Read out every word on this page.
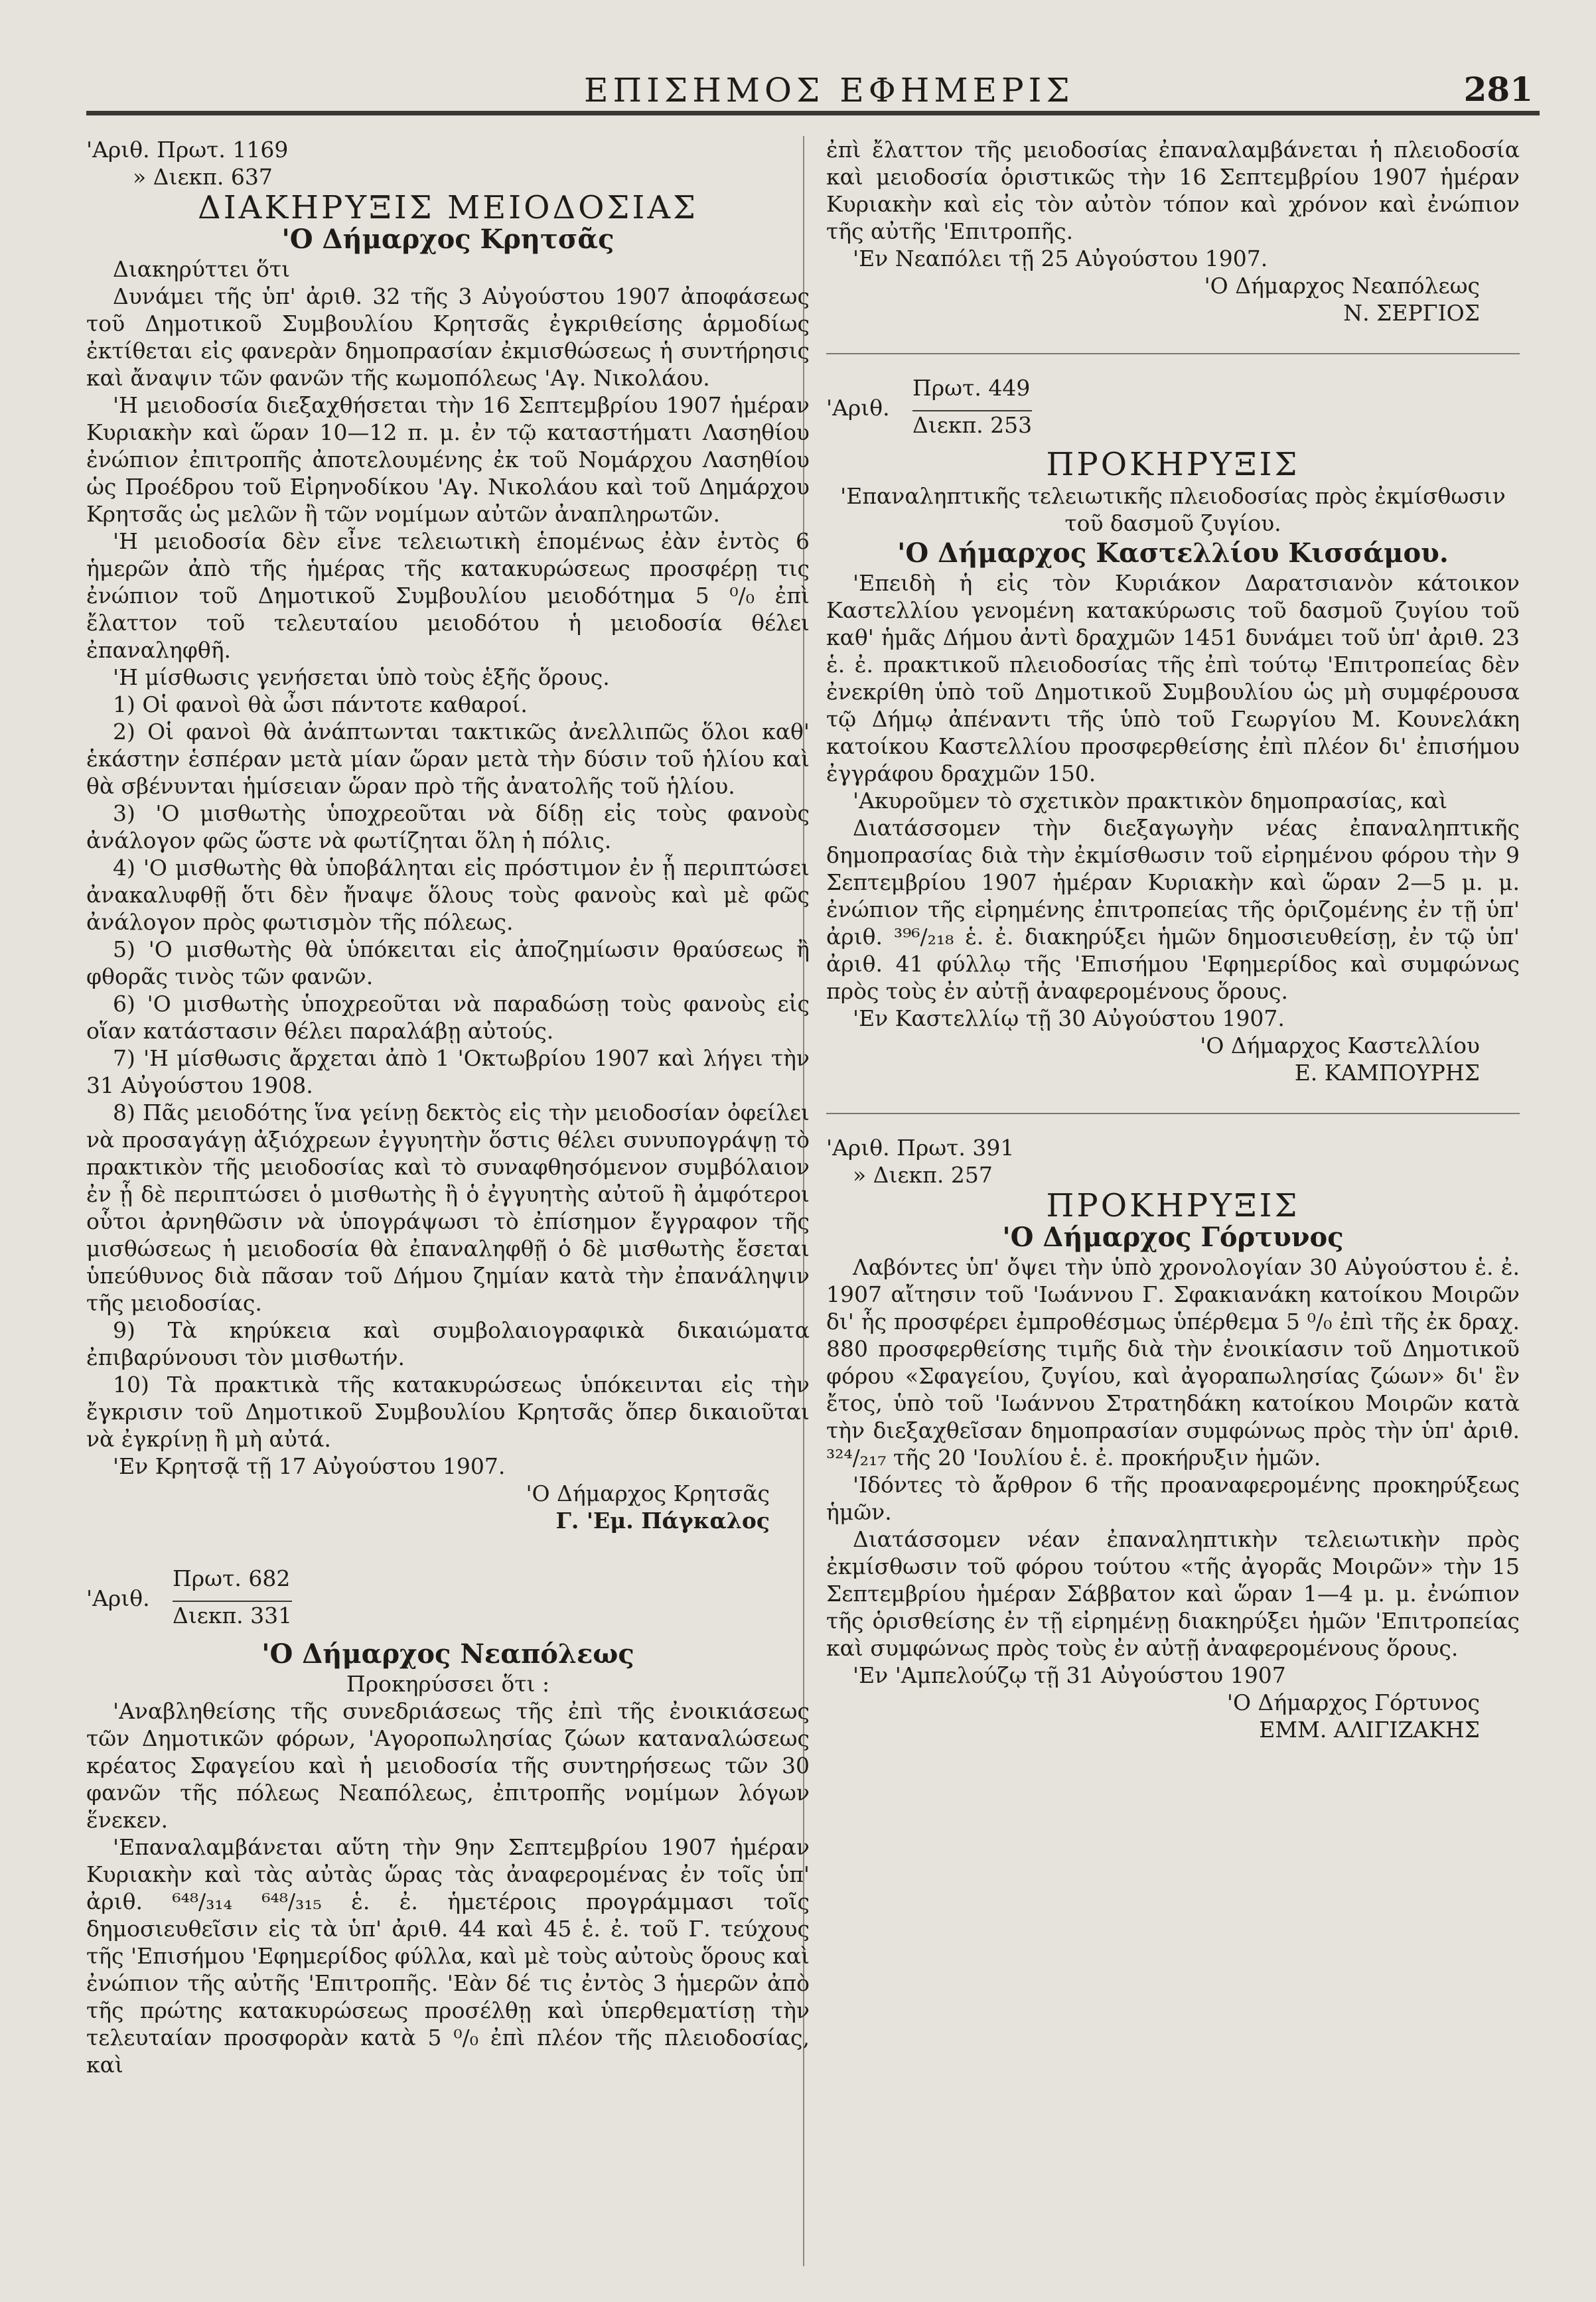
ΕΠΙΣΗΜΟΣ ΕΦΗΜΕΡΙΣ	281

'Αριθ. Πρωτ. 1169

» Διεκπ. 637

ΔΙΑΚΗΡΥΞΙΣ ΜΕΙΟΔΟΣΙΑΣ

'Ο Δήμαρχος Κρητσᾶς

Διακηρύττει ὅτι

Δυνάμει τῆς ὑπ' ἀριθ. 32 τῆς 3 Αὐγούστου 1907 ἀποφάσεως τοῦ Δημοτικοῦ Συμβουλίου Κρητσᾶς ἐγκριθείσης ἁρμοδίως ἐκτίθεται εἰς φανερὰν δημοπρασίαν ἐκμισθώσεως ἡ συντήρησις καὶ ἄναψιν τῶν φανῶν τῆς κωμοπόλεως 'Αγ. Νικολάου.

'Η μειοδοσία διεξαχθήσεται τὴν 16 Σεπτεμβρίου 1907 ἡμέραν Κυριακὴν καὶ ὥραν 10—12 π. μ. ἐν τῷ καταστήματι Λασηθίου ἐνώπιον ἐπιτροπῆς ἀποτελουμένης ἐκ τοῦ Νομάρχου Λασηθίου ὡς Προέδρου τοῦ Εἰρηνοδίκου 'Αγ. Νικολάου καὶ τοῦ Δημάρχου Κρητσᾶς ὡς μελῶν ἢ τῶν νομίμων αὐτῶν ἀναπληρωτῶν.

'Η μειοδοσία δὲν εἶνε τελειωτικὴ ἑπομένως ἐὰν ἐντὸς 6 ἡμερῶν ἀπὸ τῆς ἡμέρας τῆς κατακυρώσεως προσφέρῃ τις ἐνώπιον τοῦ Δημοτικοῦ Συμβουλίου μειοδότημα 5 ⁰/₀ ἐπὶ ἔλαττον τοῦ τελευταίου μειοδότου ἡ μειοδοσία θέλει ἐπαναληφθῆ.

'Η μίσθωσις γενήσεται ὑπὸ τοὺς ἑξῆς ὅρους.

1) Οἱ φανοὶ θὰ ὦσι πάντοτε καθαροί.

2) Οἱ φανοὶ θὰ ἀνάπτωνται τακτικῶς ἀνελλιπῶς ὅλοι καθ' ἑκάστην ἑσπέραν μετὰ μίαν ὥραν μετὰ τὴν δύσιν τοῦ ἡλίου καὶ θὰ σβένυνται ἡμίσειαν ὥραν πρὸ τῆς ἀνατολῆς τοῦ ἡλίου.

3) 'Ο μισθωτὴς ὑποχρεοῦται νὰ δίδῃ εἰς τοὺς φανοὺς ἀνάλογον φῶς ὥστε νὰ φωτίζηται ὅλη ἡ πόλις.

4) 'Ο μισθωτὴς θὰ ὑποβάληται εἰς πρόστιμον ἐν ᾗ περιπτώσει ἀνακαλυφθῇ ὅτι δὲν ἤναψε ὅλους τοὺς φανοὺς καὶ μὲ φῶς ἀνάλογον πρὸς φωτισμὸν τῆς πόλεως.

5) 'Ο μισθωτὴς θὰ ὑπόκειται εἰς ἀποζημίωσιν θραύσεως ἢ φθορᾶς τινὸς τῶν φανῶν.

6) 'Ο μισθωτὴς ὑποχρεοῦται νὰ παραδώσῃ τοὺς φανοὺς εἰς οἵαν κατάστασιν θέλει παραλάβῃ αὐτούς.

7) 'Η μίσθωσις ἄρχεται ἀπὸ 1 'Οκτωβρίου 1907 καὶ λήγει τὴν 31 Αὐγούστου 1908.

8) Πᾶς μειοδότης ἵνα γείνῃ δεκτὸς εἰς τὴν μειοδοσίαν ὀφείλει νὰ προσαγάγῃ ἀξιόχρεων ἐγγυητὴν ὅστις θέλει συνυπογράψῃ τὸ πρακτικὸν τῆς μειοδοσίας καὶ τὸ συναφθησόμενον συμβόλαιον ἐν ᾗ δὲ περιπτώσει ὁ μισθωτὴς ἢ ὁ ἐγγυητὴς αὐτοῦ ἢ ἀμφότεροι οὗτοι ἀρνηθῶσιν νὰ ὑπογράψωσι τὸ ἐπίσημον ἔγγραφον τῆς μισθώσεως ἡ μειοδοσία θὰ ἐπαναληφθῇ ὁ δὲ μισθωτὴς ἔσεται ὑπεύθυνος διὰ πᾶσαν τοῦ Δήμου ζημίαν κατὰ τὴν ἐπανάληψιν τῆς μειοδοσίας.

9) Τὰ κηρύκεια καὶ συμβολαιογραφικὰ δικαιώματα ἐπιβαρύνουσι τὸν μισθωτήν.

10) Τὰ πρακτικὰ τῆς κατακυρώσεως ὑπόκεινται εἰς τὴν ἔγκρισιν τοῦ Δημοτικοῦ Συμβουλίου Κρητσᾶς ὅπερ δικαιοῦται νὰ ἐγκρίνῃ ἢ μὴ αὐτά.

'Εν Κρητσᾷ τῇ 17 Αὐγούστου 1907.

'Ο Δήμαρχος Κρητσᾶς

Γ. 'Εμ. Πάγκαλος

'Αριθ.
Πρωτ. 682
Διεκπ. 331

'Ο Δήμαρχος Νεαπόλεως

Προκηρύσσει ὅτι :

'Αναβληθείσης τῆς συνεδριάσεως τῆς ἐπὶ τῆς ἐνοικιάσεως τῶν Δημοτικῶν φόρων, 'Αγοροπωλησίας ζώων καταναλώσεως κρέατος Σφαγείου καὶ ἡ μειοδοσία τῆς συντηρήσεως τῶν 30 φανῶν τῆς πόλεως Νεαπόλεως, ἐπιτροπῆς νομίμων λόγων ἕνεκεν.

'Επαναλαμβάνεται αὕτη τὴν 9ην Σεπτεμβρίου 1907 ἡμέραν Κυριακὴν καὶ τὰς αὐτὰς ὥρας τὰς ἀναφερομένας ἐν τοῖς ὑπ' ἀριθ. ⁶⁴⁸/₃₁₄ ⁶⁴⁸/₃₁₅ ἑ. ἐ. ἡμετέροις προγράμμασι τοῖς δημοσιευθεῖσιν εἰς τὰ ὑπ' ἀριθ. 44 καὶ 45 ἑ. ἐ. τοῦ Γ. τεύχους τῆς 'Επισήμου 'Εφημερίδος φύλλα, καὶ μὲ τοὺς αὐτοὺς ὅρους καὶ ἐνώπιον τῆς αὐτῆς 'Επιτροπῆς. 'Εὰν δέ τις ἐντὸς 3 ἡμερῶν ἀπὸ τῆς πρώτης κατακυρώσεως προσέλθῃ καὶ ὑπερθεματίσῃ τὴν τελευταίαν προσφορὰν κατὰ 5 ⁰/₀ ἐπὶ πλέον τῆς πλειοδοσίας, καὶ

ἐπὶ ἔλαττον τῆς μειοδοσίας ἐπαναλαμβάνεται ἡ πλειοδοσία καὶ μειοδοσία ὁριστικῶς τὴν 16 Σεπτεμβρίου 1907 ἡμέραν Κυριακὴν καὶ εἰς τὸν αὐτὸν τόπον καὶ χρόνον καὶ ἐνώπιον τῆς αὐτῆς 'Επιτροπῆς.

'Εν Νεαπόλει τῇ 25 Αὐγούστου 1907.

'Ο Δήμαρχος Νεαπόλεως

Ν. ΣΕΡΓΙΟΣ

'Αριθ.
Πρωτ. 449
Διεκπ. 253

ΠΡΟΚΗΡΥΞΙΣ

'Επαναληπτικῆς τελειωτικῆς πλειοδοσίας πρὸς ἐκμίσθωσιν τοῦ δασμοῦ ζυγίου.

'Ο Δήμαρχος Καστελλίου Κισσάμου.

'Επειδὴ ἡ εἰς τὸν Κυριάκον Δαρατσιανὸν κάτοικον Καστελλίου γενομένη κατακύρωσις τοῦ δασμοῦ ζυγίου τοῦ καθ' ἡμᾶς Δήμου ἀντὶ δραχμῶν 1451 δυνάμει τοῦ ὑπ' ἀριθ. 23 ἑ. ἐ. πρακτικοῦ πλειοδοσίας τῆς ἐπὶ τούτῳ 'Επιτροπείας δὲν ἐνεκρίθη ὑπὸ τοῦ Δημοτικοῦ Συμβουλίου ὡς μὴ συμφέρουσα τῷ Δήμῳ ἀπέναντι τῆς ὑπὸ τοῦ Γεωργίου Μ. Κουνελάκη κατοίκου Καστελλίου προσφερθείσης ἐπὶ πλέον δι' ἐπισήμου ἐγγράφου δραχμῶν 150.

'Ακυροῦμεν τὸ σχετικὸν πρακτικὸν δημοπρασίας, καὶ

Διατάσσομεν τὴν διεξαγωγὴν νέας ἐπαναληπτικῆς δημοπρασίας διὰ τὴν ἐκμίσθωσιν τοῦ εἰρημένου φόρου τὴν 9 Σεπτεμβρίου 1907 ἡμέραν Κυριακὴν καὶ ὥραν 2—5 μ. μ. ἐνώπιον τῆς εἰρημένης ἐπιτροπείας τῆς ὁριζομένης ἐν τῇ ὑπ' ἀριθ. ³⁹⁶/₂₁₈ ἑ. ἐ. διακηρύξει ἡμῶν δημοσιευθείσῃ, ἐν τῷ ὑπ' ἀριθ. 41 φύλλῳ τῆς 'Επισήμου 'Εφημερίδος καὶ συμφώνως πρὸς τοὺς ἐν αὐτῇ ἀναφερομένους ὅρους.

'Εν Καστελλίῳ τῇ 30 Αὐγούστου 1907.

'Ο Δήμαρχος Καστελλίου

Ε. ΚΑΜΠΟΥΡΗΣ

'Αριθ. Πρωτ. 391

» Διεκπ. 257

ΠΡΟΚΗΡΥΞΙΣ

'Ο Δήμαρχος Γόρτυνος

Λαβόντες ὑπ' ὄψει τὴν ὑπὸ χρονολογίαν 30 Αὐγούστου ἑ. ἐ. 1907 αἴτησιν τοῦ 'Ιωάννου Γ. Σφακιανάκη κατοίκου Μοιρῶν δι' ἧς προσφέρει ἐμπροθέσμως ὑπέρθεμα 5 ⁰/₀ ἐπὶ τῆς ἐκ δραχ. 880 προσφερθείσης τιμῆς διὰ τὴν ἐνοικίασιν τοῦ Δημοτικοῦ φόρου «Σφαγείου, ζυγίου, καὶ ἀγοραπωλησίας ζώων» δι' ἓν ἔτος, ὑπὸ τοῦ 'Ιωάννου Στρατηδάκη κατοίκου Μοιρῶν κατὰ τὴν διεξαχθεῖσαν δημοπρασίαν συμφώνως πρὸς τὴν ὑπ' ἀριθ. ³²⁴/₂₁₇ τῆς 20 'Ιουλίου ἑ. ἐ. προκήρυξιν ἡμῶν.

'Ιδόντες τὸ ἄρθρον 6 τῆς προαναφερομένης προκηρύξεως ἡμῶν.

Διατάσσομεν νέαν ἐπαναληπτικὴν τελειωτικὴν πρὸς ἐκμίσθωσιν τοῦ φόρου τούτου «τῆς ἀγορᾶς Μοιρῶν» τὴν 15 Σεπτεμβρίου ἡμέραν Σάββατον καὶ ὥραν 1—4 μ. μ. ἐνώπιον τῆς ὁρισθείσης ἐν τῇ εἰρημένῃ διακηρύξει ἡμῶν 'Επιτροπείας καὶ συμφώνως πρὸς τοὺς ἐν αὐτῇ ἀναφερομένους ὅρους.

'Εν 'Αμπελούζῳ τῇ 31 Αὐγούστου 1907

'Ο Δήμαρχος Γόρτυνος

ΕΜΜ. ΑΛΙΓΙΖΑΚΗΣ
